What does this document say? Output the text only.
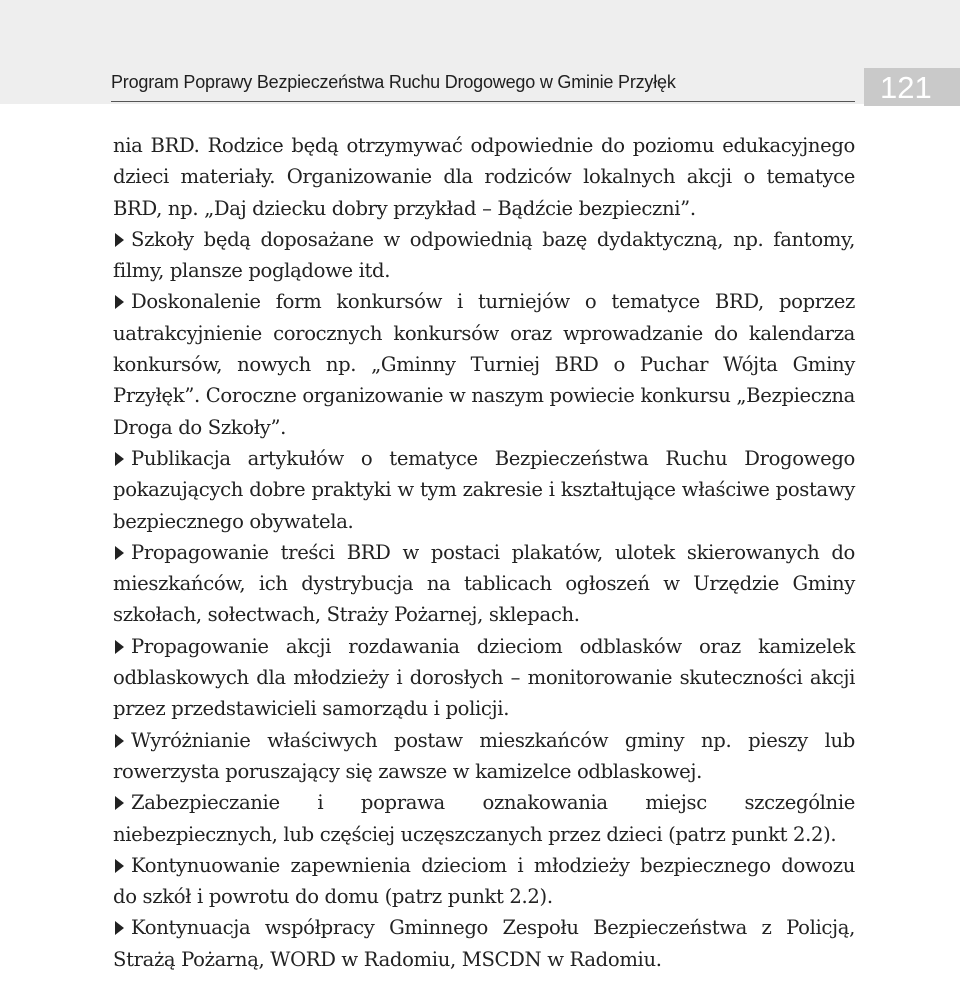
Program Poprawy Bezpieczeństwa Ruchu Drogowego w Gminie Przyłęk	121

nia BRD. Rodzice będą otrzymywać odpowiednie do poziomu edukacyjnego dzieci materiały. Organizowanie dla rodziców lokalnych akcji o tematyce BRD, np. „Daj dziecku dobry przykład – Bądźcie bezpieczni”.

Szkoły będą doposażane w odpowiednią bazę dydaktyczną, np. fantomy, filmy, plansze poglądowe itd.

Doskonalenie form konkursów i turniejów o tematyce BRD, poprzez uatrakcyjnienie corocznych konkursów oraz wprowadzanie do kalendarza konkursów, nowych np. „Gminny Turniej BRD o Puchar Wójta Gminy Przyłęk”. Coroczne organizowanie w naszym powiecie konkursu „Bezpieczna Droga do Szkoły”.

Publikacja artykułów o tematyce Bezpieczeństwa Ruchu Drogowego pokazujących dobre praktyki w tym zakresie i kształtujące właściwe postawy bezpiecznego obywatela.

Propagowanie treści BRD w postaci plakatów, ulotek skierowanych do mieszkańców, ich dystrybucja na tablicach ogłoszeń w Urzędzie Gminy szkołach, sołectwach, Straży Pożarnej, sklepach.

Propagowanie akcji rozdawania dzieciom odblasków oraz kamizelek odblaskowych dla młodzieży i dorosłych – monitorowanie skuteczności akcji przez przedstawicieli samorządu i policji.

Wyróżnianie właściwych postaw mieszkańców gminy np. pieszy lub rowerzysta poruszający się zawsze w kamizelce odblaskowej.

Zabezpieczanie i poprawa oznakowania miejsc szczególnie niebezpiecznych, lub częściej uczęszczanych przez dzieci (patrz punkt 2.2).

Kontynuowanie zapewnienia dzieciom i młodzieży bezpiecznego dowozu do szkół i powrotu do domu (patrz punkt 2.2).

Kontynuacja współpracy Gminnego Zespołu Bezpieczeństwa z Policją, Strażą Pożarną, WORD w Radomiu, MSCDN w Radomiu.
